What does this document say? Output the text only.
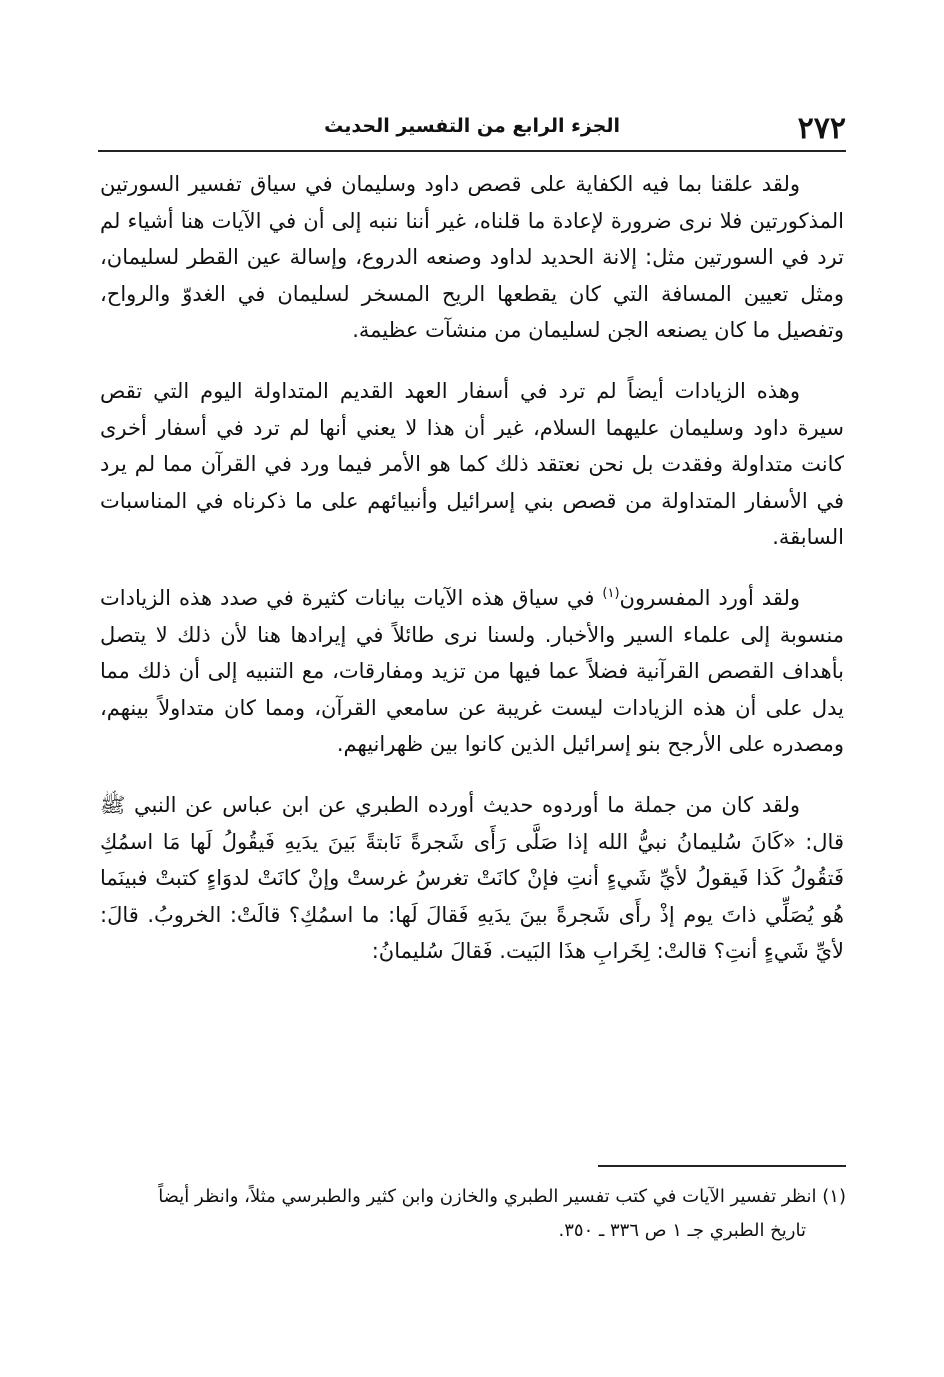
٢٧٢
الجزء الرابع من التفسير الحديث

ولقد علقنا بما فيه الكفاية على قصص داود وسليمان في سياق تفسير السورتين المذكورتين فلا نرى ضرورة لإعادة ما قلناه، غير أننا ننبه إلى أن في الآيات هنا أشياء لم ترد في السورتين مثل: إلانة الحديد لداود وصنعه الدروع، وإسالة عين القطر لسليمان، ومثل تعيين المسافة التي كان يقطعها الريح المسخر لسليمان في الغدوّ والرواح، وتفصيل ما كان يصنعه الجن لسليمان من منشآت عظيمة.

وهذه الزيادات أيضاً لم ترد في أسفار العهد القديم المتداولة اليوم التي تقص سيرة داود وسليمان عليهما السلام، غير أن هذا لا يعني أنها لم ترد في أسفار أخرى كانت متداولة وفقدت بل نحن نعتقد ذلك كما هو الأمر فيما ورد في القرآن مما لم يرد في الأسفار المتداولة من قصص بني إسرائيل وأنبيائهم على ما ذكرناه في المناسبات السابقة.

ولقد أورد المفسرون$^{(١)}$ في سياق هذه الآيات بيانات كثيرة في صدد هذه الزيادات منسوبة إلى علماء السير والأخبار. ولسنا نرى طائلاً في إيرادها هنا لأن ذلك لا يتصل بأهداف القصص القرآنية فضلاً عما فيها من تزيد ومفارقات، مع التنبيه إلى أن ذلك مما يدل على أن هذه الزيادات ليست غريبة عن سامعي القرآن، ومما كان متداولاً بينهم، ومصدره على الأرجح بنو إسرائيل الذين كانوا بين ظهرانيهم.

ولقد كان من جملة ما أوردوه حديث أورده الطبري عن ابن عباس عن النبي ﷺ قال: «كَانَ سُليمانُ نبيُّ الله إذا صَلَّى رَأَى شَجرةً نَابتةً بَينَ يدَيهِ فَيقُولُ لَها مَا اسمُكِ فَتقُولُ كَذا فَيقولُ لأيِّ شَيءٍ أنتِ فإنْ كانَتْ تغرسُ غرستْ وإنْ كانَتْ لدوَاءٍ كتبتْ فبينَما هُو يُصَلِّي ذاتَ يوم إذْ رأَى شَجرةً بينَ يدَيهِ فَقالَ لَها: ما اسمُكِ؟ قالَتْ: الخروبُ. قالَ: لأيِّ شَيءٍ أنتِ؟ قالتْ: لِخَرابِ هذَا البَيت. فَقالَ سُليمانُ:

(١) انظر تفسير الآيات في كتب تفسير الطبري والخازن وابن كثير والطبرسي مثلاً، وانظر أيضاً
تاريخ الطبري جـ ١ ص ٣٣٦ ـ ٣٥٠.
